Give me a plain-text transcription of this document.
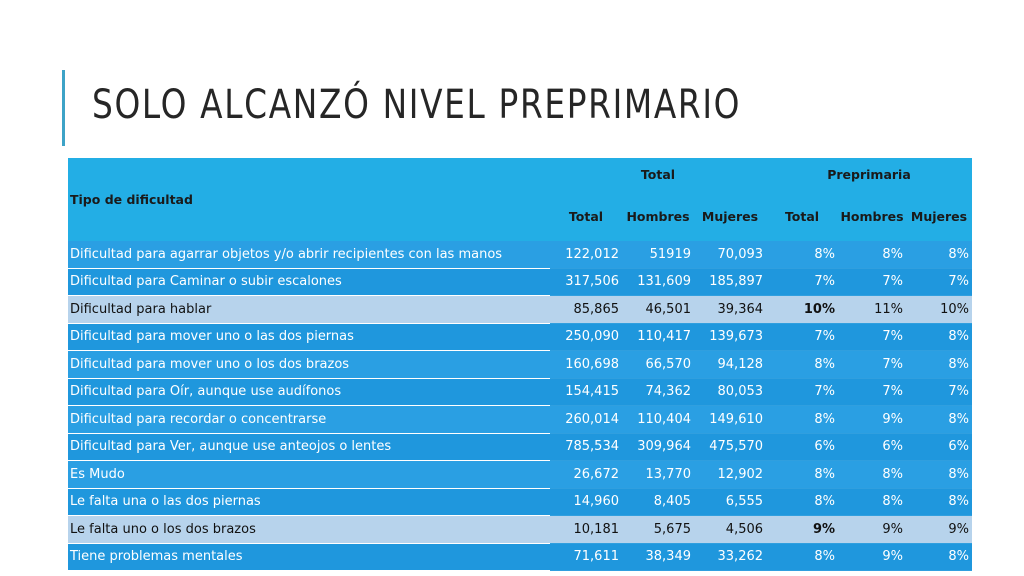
SOLO ALCANZÓ NIVEL PREPRIMARIO
Tipo de dificultad	Total			Preprimaria		
	Total	Hombres	Mujeres	Total	Hombres	Mujeres
Dificultad para agarrar objetos y/o abrir recipientes con las manos	122,012	51919	70,093	8%	8%	8%
Dificultad para Caminar o subir escalones	317,506	131,609	185,897	7%	7%	7%
Dificultad para hablar	85,865	46,501	39,364	10%	11%	10%
Dificultad para mover uno o las dos piernas	250,090	110,417	139,673	7%	7%	8%
Dificultad para mover uno o los dos brazos	160,698	66,570	94,128	8%	7%	8%
Dificultad para Oír, aunque use audífonos	154,415	74,362	80,053	7%	7%	7%
Dificultad para recordar o concentrarse	260,014	110,404	149,610	8%	9%	8%
Dificultad para Ver, aunque use anteojos o lentes	785,534	309,964	475,570	6%	6%	6%
Es Mudo	26,672	13,770	12,902	8%	8%	8%
Le falta una o las dos piernas	14,960	8,405	6,555	8%	8%	8%
Le falta uno o los dos brazos	10,181	5,675	4,506	9%	9%	9%
Tiene problemas mentales	71,611	38,349	33,262	8%	9%	8%
